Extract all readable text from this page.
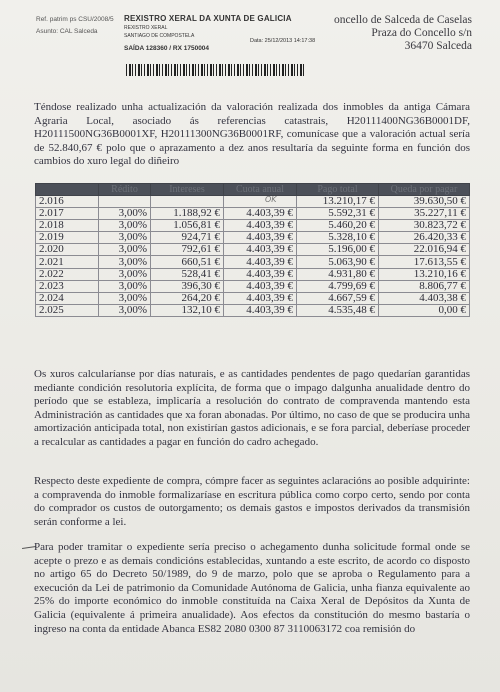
Ref. patrim ps CSU/2008/5
Asunto: CAL Salceda
REXISTRO XERAL DA XUNTA DE GALICIA
REXISTRO XERAL
SANTIAGO DE COMPOSTELA
Data: 25/12/2013 14:17:38
SAÍDA 128360 / RX 1750004
oncello de Salceda de Caselas
Praza do Concello s/n
36470 Salceda
Téndose realizado unha actualización da valoración realizada dos inmobles da antiga Cámara Agraria Local, asociado ás referencias catastrais, H20111400NG36B0001DF, H20111500NG36B0001XF, H20111300NG36B0001RF, comunícase que a valoración actual sería de 52.840,67 € polo que o aprazamento a dez anos resultaría da seguinte forma en función dos cambios do xuro legal do diñeiro
	Rédito	Intereses	Cuota anual	Pago total	Queda por pagar
2.016				13.210,17 €	39.630,50 €
2.017	3,00%	1.188,92 €	4.403,39 €	5.592,31 €	35.227,11 €
2.018	3,00%	1.056,81 €	4.403,39 €	5.460,20 €	30.823,72 €
2.019	3,00%	924,71 €	4.403,39 €	5.328,10 €	26.420,33 €
2.020	3,00%	792,61 €	4.403,39 €	5.196,00 €	22.016,94 €
2.021	3,00%	660,51 €	4.403,39 €	5.063,90 €	17.613,55 €
2.022	3,00%	528,41 €	4.403,39 €	4.931,80 €	13.210,16 €
2.023	3,00%	396,30 €	4.403,39 €	4.799,69 €	8.806,77 €
2.024	3,00%	264,20 €	4.403,39 €	4.667,59 €	4.403,38 €
2.025	3,00%	132,10 €	4.403,39 €	4.535,48 €	0,00 €
OK
Os xuros calcularíanse por días naturais, e as cantidades pendentes de pago quedarían garantidas mediante condición resolutoria explícita, de forma que o impago dalgunha anualidade dentro do período que se estableza, implicaría a resolución do contrato de compravenda mantendo esta Administración as cantidades que xa foran abonadas. Por último, no caso de que se producira unha amortización anticipada total, non existirían gastos adicionais, e se fora parcial, deberíase proceder a recalcular as cantidades a pagar en función do cadro achegado.
Respecto deste expediente de compra, cómpre facer as seguintes aclaracións ao posible adquirinte: a compravenda do inmoble formalizaríase en escritura pública como corpo certo, sendo por conta do comprador os custos de outorgamento; os demais gastos e impostos derivados da transmisión serán conforme a lei.
Para poder tramitar o expediente sería preciso o achegamento dunha solicitude formal onde se acepte o prezo e as demais condicións establecidas, xuntando a este escrito, de acordo co disposto no artigo 65 do Decreto 50/1989, do 9 de marzo, polo que se aproba o Regulamento para a execución da Lei de patrimonio da Comunidade Autónoma de Galicia, unha fianza equivalente ao 25% do importe económico do inmoble constituída na Caixa Xeral de Depósitos da Xunta de Galicia (equivalente á primeira anualidade). Aos efectos da constitución do mesmo bastaría o ingreso na conta da entidade Abanca ES82 2080 0300 87 3110063172 coa remisión do
